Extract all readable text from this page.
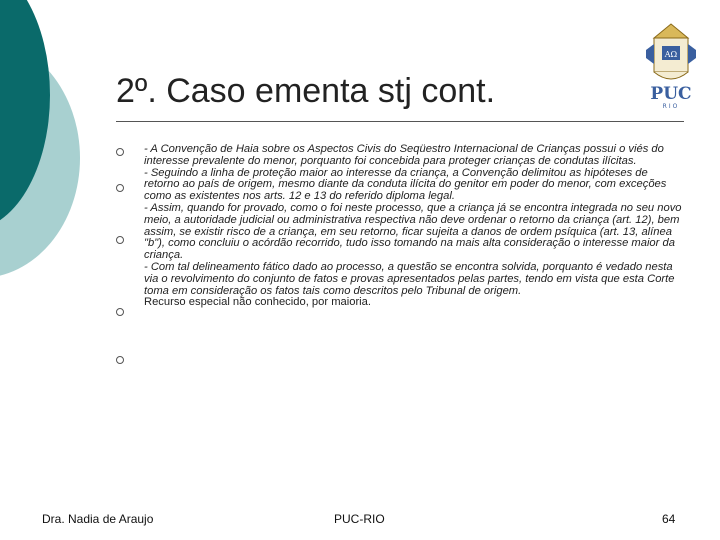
2º. Caso ementa stj cont.
AΩ
PUC
RIO

- A Convenção de Haia sobre os Aspectos Civis do Seqüestro Internacional de Crianças possui o viés do interesse prevalente do menor, porquanto foi concebida para proteger crianças de condutas ilícitas.

- Seguindo a linha de proteção maior ao interesse da criança, a Convenção delimitou as hipóteses de retorno ao país de origem, mesmo diante da conduta ilícita do genitor em poder do menor, com exceções como as existentes nos arts. 12 e 13 do referido diploma legal.

- Assim, quando for provado, como o foi neste processo, que a criança já se encontra integrada no seu novo meio, a autoridade judicial ou administrativa respectiva não deve ordenar o retorno da criança (art. 12), bem assim, se existir risco de a criança, em seu retorno, ficar sujeita a danos de ordem psíquica (art. 13, alínea "b"), como concluiu o acórdão recorrido, tudo isso tomando na mais alta consideração o interesse maior da criança.

- Com tal delineamento fático dado ao processo, a questão se encontra solvida, porquanto é vedado nesta via o revolvimento do conjunto de fatos e provas apresentados pelas partes, tendo em vista que esta Corte toma em consideração os fatos tais como descritos pelo Tribunal de origem.

Recurso especial não conhecido, por maioria.

Dra. Nadia de Araujo	PUC-RIO	64
